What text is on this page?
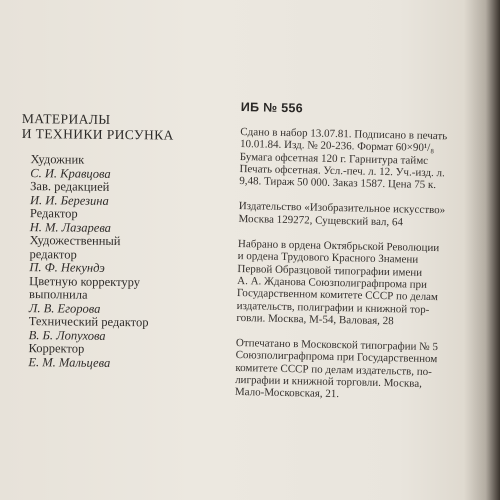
МАТЕРИАЛЫ
И ТЕХНИКИ РИСУНКА
Художник
С. И. Кравцова
Зав. редакцией
И. И. Березина
Редактор
Н. М. Лазарева
Художественный
редактор
П. Ф. Некундэ
Цветную корректуру
выполнила
Л. В. Егорова
Технический редактор
В. Б. Лопухова
Корректор
Е. М. Мальцева
ИБ № 556
Сдано в набор 13.07.81. Подписано в печать
10.01.84. Изд. № 20-236. Формат 60×90¹/₈
Бумага офсетная 120 г. Гарнитура таймс
Печать офсетная. Усл.-печ. л. 12. Уч.-изд. л.
9,48. Тираж 50 000. Заказ 1587. Цена 75 к.
Издательство «Изобразительное искусство»
Москва 129272, Сущевский вал, 64
Набрано в ордена Октябрьской Революции
и ордена Трудового Красного Знамени
Первой Образцовой типографии имени
А. А. Жданова Союзполиграфпрома при
Государственном комитете СССР по делам
издательств, полиграфии и книжной тор-
говли. Москва, М-54, Валовая, 28
Отпечатано в Московской типографии № 5
Союзполиграфпрома при Государственном
комитете СССР по делам издательств, по-
лиграфии и книжной торговли. Москва,
Мало-Московская, 21.
